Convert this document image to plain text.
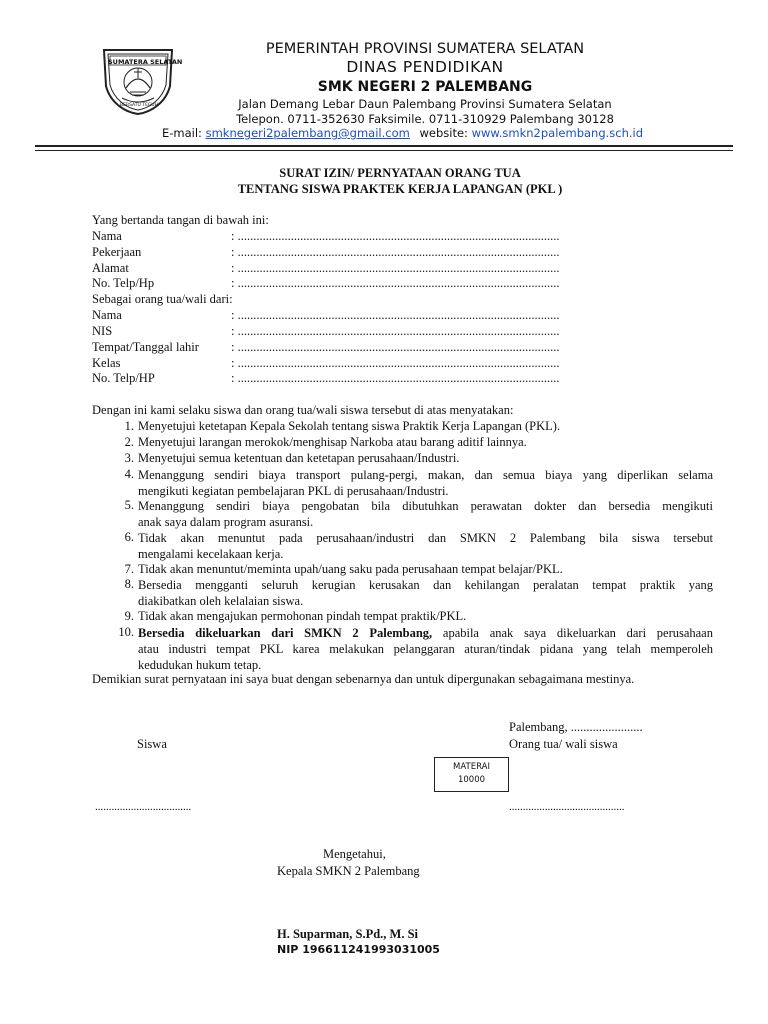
SUMATERA SELATAN
BERSATU TEGUH
PEMERINTAH PROVINSI SUMATERA SELATAN
DINAS PENDIDIKAN
SMK NEGERI 2 PALEMBANG
Jalan Demang Lebar Daun Palembang Provinsi Sumatera Selatan
Telepon. 0711-352630 Faksimile. 0711-310929 Palembang 30128
E-mail: smknegeri2palembang@gmail.com website: www.smkn2palembang.sch.id
SURAT IZIN/ PERNYATAAN ORANG TUA
TENTANG SISWA PRAKTEK KERJA LAPANGAN (PKL )
Yang bertanda tangan di bawah ini:
Nama	: .......................................................................................................
Pekerjaan	: .......................................................................................................
Alamat	: .......................................................................................................
No. Telp/Hp	: .......................................................................................................
Sebagai orang tua/wali dari:
Nama	: .......................................................................................................
NIS	: .......................................................................................................
Tempat/Tanggal lahir	: .......................................................................................................
Kelas	: .......................................................................................................
No. Telp/HP	: .......................................................................................................
Dengan ini kami selaku siswa dan orang tua/wali siswa tersebut di atas menyatakan:
1. Menyetujui ketetapan Kepala Sekolah tentang siswa Praktik Kerja Lapangan (PKL).
2. Menyetujui larangan merokok/menghisap Narkoba atau barang aditif lainnya.
3. Menyetujui semua ketentuan dan ketetapan perusahaan/Industri.
4. Menanggung sendiri biaya transport pulang-pergi, makan, dan semua biaya yang diperlikan selama
mengikuti kegiatan pembelajaran PKL di perusahaan/Industri.
5. Menanggung sendiri biaya pengobatan bila dibutuhkan perawatan dokter dan bersedia mengikuti
anak saya dalam program asuransi.
6. Tidak akan menuntut pada perusahaan/industri dan SMKN 2 Palembang bila siswa tersebut
mengalami kecelakaan kerja.
7. Tidak akan menuntut/meminta upah/uang saku pada perusahaan tempat belajar/PKL.
8. Bersedia mengganti seluruh kerugian kerusakan dan kehilangan peralatan tempat praktik yang
diakibatkan oleh kelalaian siswa.
9. Tidak akan mengajukan permohonan pindah tempat praktik/PKL.
10. Bersedia dikeluarkan dari SMKN 2 Palembang, apabila anak saya dikeluarkan dari perusahaan
atau industri tempat PKL karea melakukan pelanggaran aturan/tindak pidana yang telah memperoleh
kedudukan hukum tetap.
Demikian surat pernyataan ini saya buat dengan sebenarnya dan untuk dipergunakan sebagaimana mestinya.
Palembang, .......................
Siswa	Orang tua/ wali siswa
MATERAI
10000
...................................	..........................................
Mengetahui,
Kepala SMKN 2 Palembang
H. Suparman, S.Pd., M. Si
NIP 196611241993031005
